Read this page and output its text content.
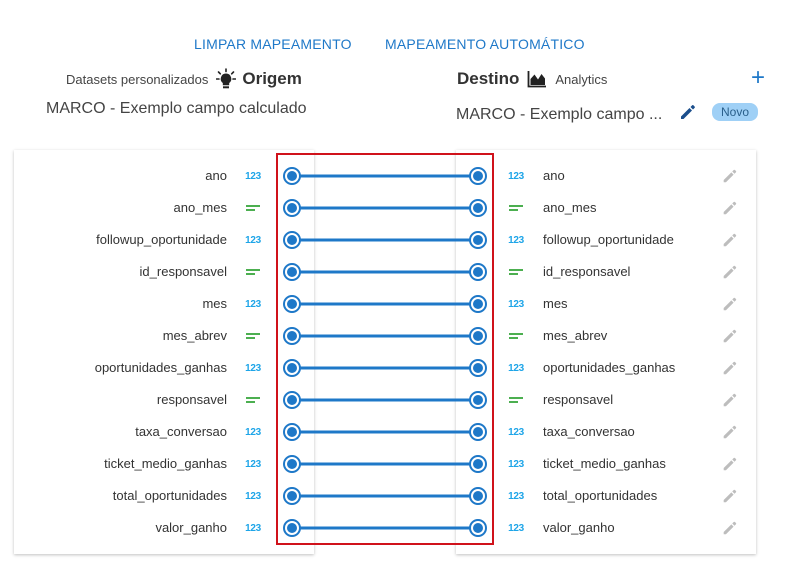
LIMPAR MAPEAMENTO MAPEAMENTO AUTOMÁTICO
Datasets personalizados Origem
MARCO - Exemplo campo calculado
Destino	Analytics	+
MARCO - Exemplo campo ...	Novo
ano	123	123 ano
ano_mes	ano_mes
followup_oportunidade	123	123 followup_oportunidade
id_responsavel	id_responsavel
mes	123	123 mes
mes_abrev	mes_abrev
oportunidades_ganhas	123	123 oportunidades_ganhas
responsavel	responsavel
taxa_conversao	123	123 taxa_conversao
ticket_medio_ganhas	123	123 ticket_medio_ganhas
total_oportunidades	123	123 total_oportunidades
valor_ganho	123	123 valor_ganho
